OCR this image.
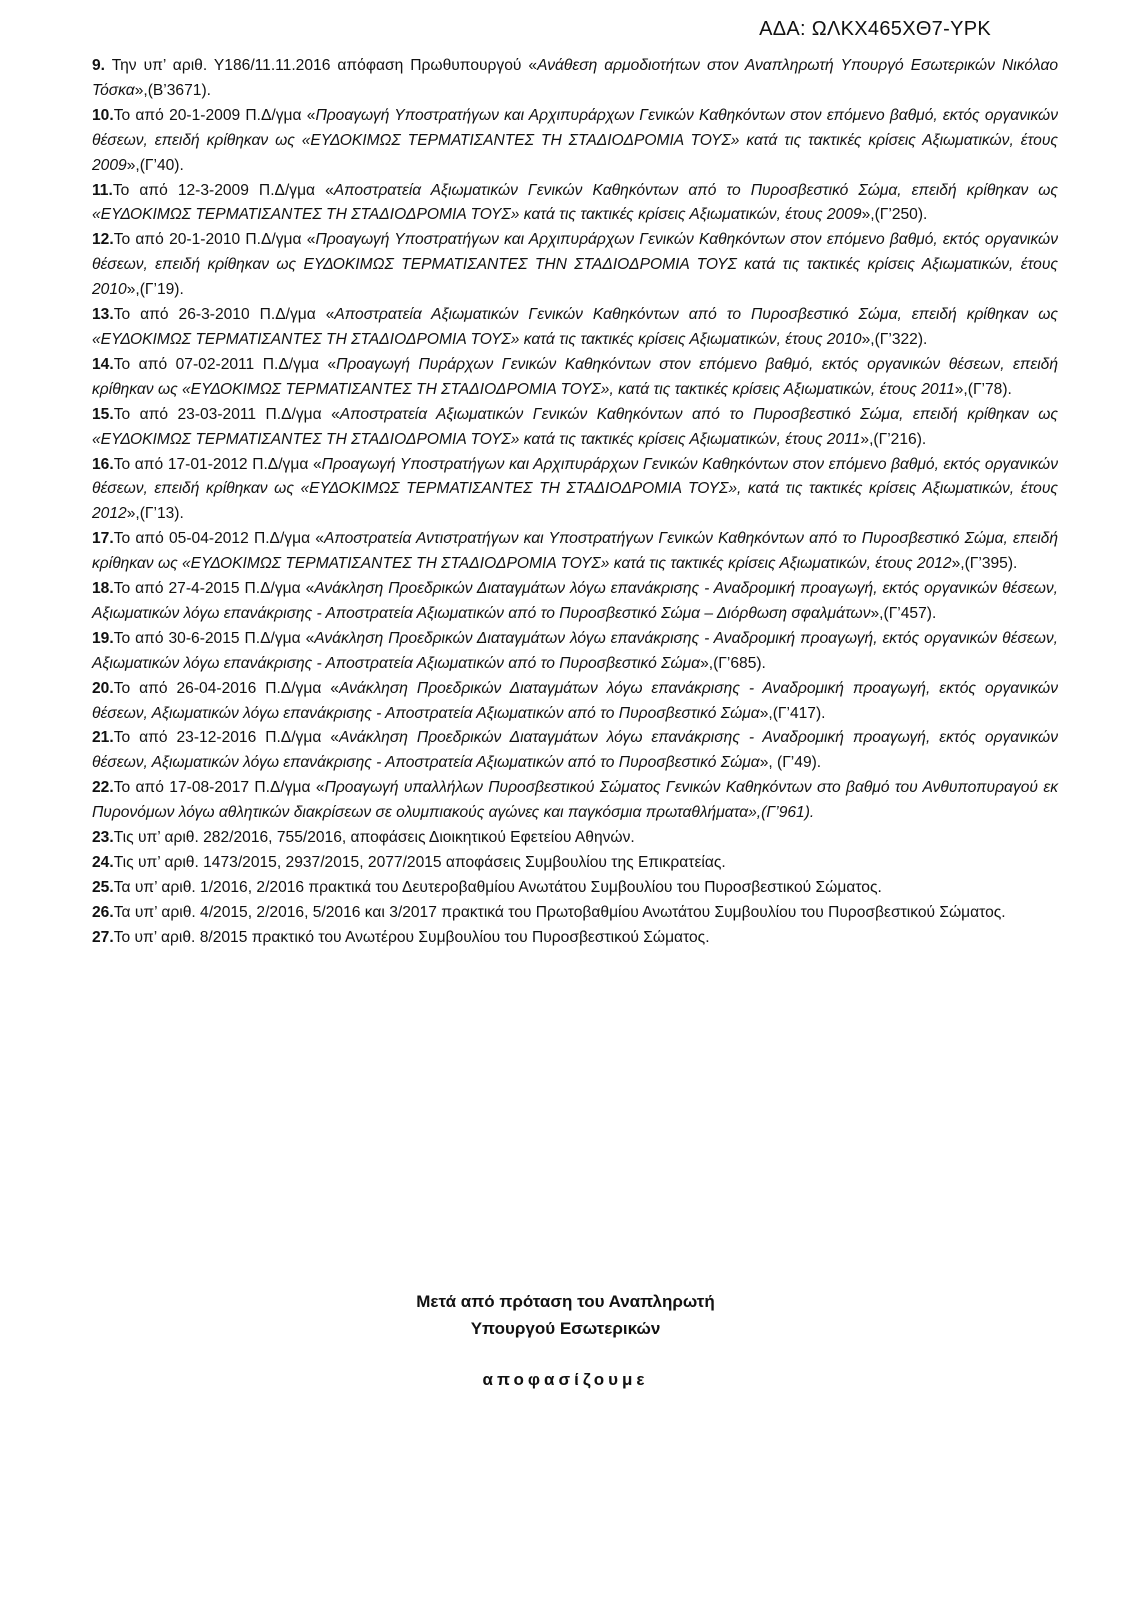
ΑΔΑ: ΩΛΚΧ465ΧΘ7-ΥΡΚ

9. Την υπ’ αριθ. Υ186/11.11.2016 απόφαση Πρωθυπουργού «Ανάθεση αρμοδιοτήτων στον Αναπληρωτή Υπουργό Εσωτερικών Νικόλαο Τόσκα»,(Β’3671).

10.Το από 20-1-2009 Π.Δ/γμα «Προαγωγή Υποστρατήγων και Αρχιπυράρχων Γενικών Καθηκόντων στον επόμενο βαθμό, εκτός οργανικών θέσεων, επειδή κρίθηκαν ως «ΕΥΔΟΚΙΜΩΣ ΤΕΡΜΑΤΙΣΑΝΤΕΣ ΤΗ ΣΤΑΔΙΟΔΡΟΜΙΑ ΤΟΥΣ» κατά τις τακτικές κρίσεις Αξιωματικών, έτους 2009»,(Γ’40).

11.Το από 12-3-2009 Π.Δ/γμα «Αποστρατεία Αξιωματικών Γενικών Καθηκόντων από το Πυροσβεστικό Σώμα, επειδή κρίθηκαν ως «ΕΥΔΟΚΙΜΩΣ ΤΕΡΜΑΤΙΣΑΝΤΕΣ ΤΗ ΣΤΑΔΙΟΔΡΟΜΙΑ ΤΟΥΣ» κατά τις τακτικές κρίσεις Αξιωματικών, έτους 2009»,(Γ’250).

12.Το από 20-1-2010 Π.Δ/γμα «Προαγωγή Υποστρατήγων και Αρχιπυράρχων Γενικών Καθηκόντων στον επόμενο βαθμό, εκτός οργανικών θέσεων, επειδή κρίθηκαν ως ΕΥΔΟΚΙΜΩΣ ΤΕΡΜΑΤΙΣΑΝΤΕΣ ΤΗΝ ΣΤΑΔΙΟΔΡΟΜΙΑ ΤΟΥΣ κατά τις τακτικές κρίσεις Αξιωματικών, έτους 2010»,(Γ’19).

13.Το από 26-3-2010 Π.Δ/γμα «Αποστρατεία Αξιωματικών Γενικών Καθηκόντων από το Πυροσβεστικό Σώμα, επειδή κρίθηκαν ως «ΕΥΔΟΚΙΜΩΣ ΤΕΡΜΑΤΙΣΑΝΤΕΣ ΤΗ ΣΤΑΔΙΟΔΡΟΜΙΑ ΤΟΥΣ» κατά τις τακτικές κρίσεις Αξιωματικών, έτους 2010»,(Γ’322).

14.Το από 07-02-2011 Π.Δ/γμα «Προαγωγή Πυράρχων Γενικών Καθηκόντων στον επόμενο βαθμό, εκτός οργανικών θέσεων, επειδή κρίθηκαν ως «ΕΥΔΟΚΙΜΩΣ ΤΕΡΜΑΤΙΣΑΝΤΕΣ ΤΗ ΣΤΑΔΙΟΔΡΟΜΙΑ ΤΟΥΣ», κατά τις τακτικές κρίσεις Αξιωματικών, έτους 2011»,(Γ’78).

15.Το από 23-03-2011 Π.Δ/γμα «Αποστρατεία Αξιωματικών Γενικών Καθηκόντων από το Πυροσβεστικό Σώμα, επειδή κρίθηκαν ως «ΕΥΔΟΚΙΜΩΣ ΤΕΡΜΑΤΙΣΑΝΤΕΣ ΤΗ ΣΤΑΔΙΟΔΡΟΜΙΑ ΤΟΥΣ» κατά τις τακτικές κρίσεις Αξιωματικών, έτους 2011»,(Γ’216).

16.Το από 17-01-2012 Π.Δ/γμα «Προαγωγή Υποστρατήγων και Αρχιπυράρχων Γενικών Καθηκόντων στον επόμενο βαθμό, εκτός οργανικών θέσεων, επειδή κρίθηκαν ως «ΕΥΔΟΚΙΜΩΣ ΤΕΡΜΑΤΙΣΑΝΤΕΣ ΤΗ ΣΤΑΔΙΟΔΡΟΜΙΑ ΤΟΥΣ», κατά τις τακτικές κρίσεις Αξιωματικών, έτους 2012»,(Γ’13).

17.Το από 05-04-2012 Π.Δ/γμα «Αποστρατεία Αντιστρατήγων και Υποστρατήγων Γενικών Καθηκόντων από το Πυροσβεστικό Σώμα, επειδή κρίθηκαν ως «ΕΥΔΟΚΙΜΩΣ ΤΕΡΜΑΤΙΣΑΝΤΕΣ ΤΗ ΣΤΑΔΙΟΔΡΟΜΙΑ ΤΟΥΣ» κατά τις τακτικές κρίσεις Αξιωματικών, έτους 2012»,(Γ’395).

18.Το από 27-4-2015 Π.Δ/γμα «Ανάκληση Προεδρικών Διαταγμάτων λόγω επανάκρισης - Αναδρομική προαγωγή, εκτός οργανικών θέσεων, Αξιωματικών λόγω επανάκρισης - Αποστρατεία Αξιωματικών από το Πυροσβεστικό Σώμα – Διόρθωση σφαλμάτων»,(Γ’457).

19.Το από 30-6-2015 Π.Δ/γμα «Ανάκληση Προεδρικών Διαταγμάτων λόγω επανάκρισης - Αναδρομική προαγωγή, εκτός οργανικών θέσεων, Αξιωματικών λόγω επανάκρισης - Αποστρατεία Αξιωματικών από το Πυροσβεστικό Σώμα»,(Γ’685).

20.Το από 26-04-2016 Π.Δ/γμα «Ανάκληση Προεδρικών Διαταγμάτων λόγω επανάκρισης - Αναδρομική προαγωγή, εκτός οργανικών θέσεων, Αξιωματικών λόγω επανάκρισης - Αποστρατεία Αξιωματικών από το Πυροσβεστικό Σώμα»,(Γ’417).

21.Το από 23-12-2016 Π.Δ/γμα «Ανάκληση Προεδρικών Διαταγμάτων λόγω επανάκρισης - Αναδρομική προαγωγή, εκτός οργανικών θέσεων, Αξιωματικών λόγω επανάκρισης - Αποστρατεία Αξιωματικών από το Πυροσβεστικό Σώμα», (Γ’49).

22.Το από 17-08-2017 Π.Δ/γμα «Προαγωγή υπαλλήλων Πυροσβεστικού Σώματος Γενικών Καθηκόντων στο βαθμό του Ανθυποπυραγού εκ Πυρονόμων λόγω αθλητικών διακρίσεων σε ολυμπιακούς αγώνες και παγκόσμια πρωταθλήματα»,(Γ’961).

23.Τις υπ’ αριθ. 282/2016, 755/2016, αποφάσεις Διοικητικού Εφετείου Αθηνών.

24.Τις υπ’ αριθ. 1473/2015, 2937/2015, 2077/2015 αποφάσεις Συμβουλίου της Επικρατείας.

25.Τα υπ’ αριθ. 1/2016, 2/2016 πρακτικά του Δευτεροβαθμίου Ανωτάτου Συμβουλίου του Πυροσβεστικού Σώματος.

26.Τα υπ’ αριθ. 4/2015, 2/2016, 5/2016 και 3/2017 πρακτικά του Πρωτοβαθμίου Ανωτάτου Συμβουλίου του Πυροσβεστικού Σώματος.

27.Το υπ’ αριθ. 8/2015 πρακτικό του Ανωτέρου Συμβουλίου του Πυροσβεστικού Σώματος.

Μετά από πρόταση του Αναπληρωτή
Υπουργού Εσωτερικών
αποφασίζουμε
